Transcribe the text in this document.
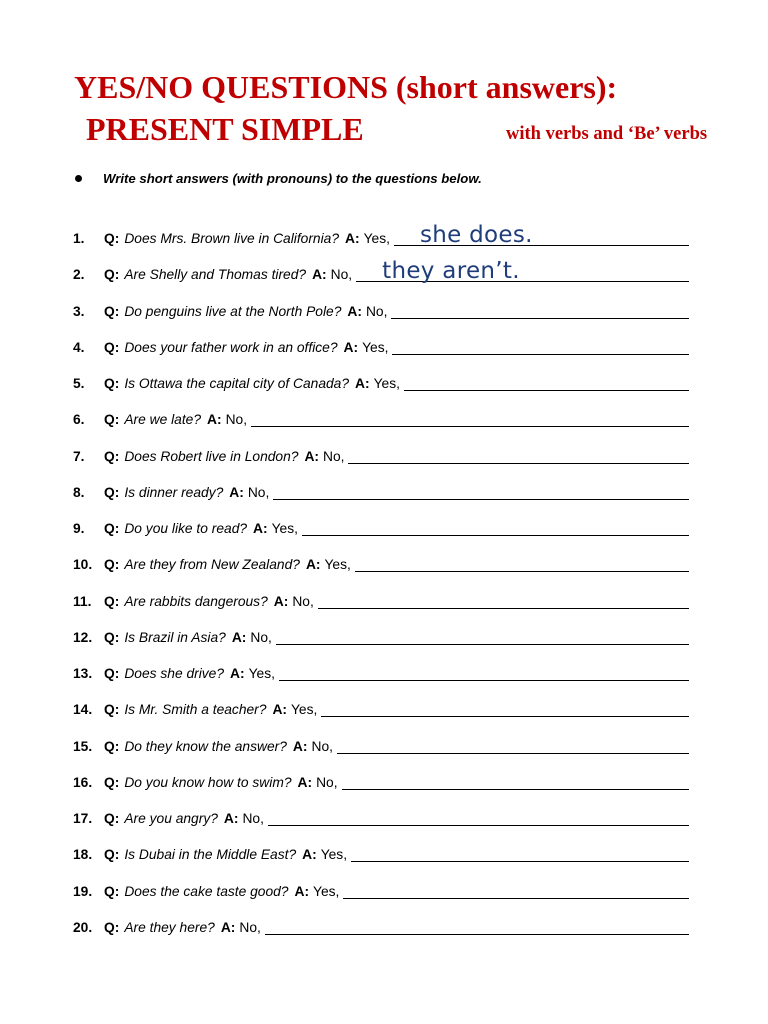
YES/NO QUESTIONS (short answers):
PRESENT SIMPLE	with verbs and ‘Be’ verbs
Write short answers (with pronouns) to the questions below.
1.	Q: Does Mrs. Brown live in California? A: Yes, she does.
2.	Q: Are Shelly and Thomas tired? A: No, they aren’t.
3.	Q: Do penguins live at the North Pole? A: No,
4.	Q: Does your father work in an office? A: Yes,
5.	Q: Is Ottawa the capital city of Canada? A: Yes,
6.	Q: Are we late? A: No,
7.	Q: Does Robert live in London? A: No,
8.	Q: Is dinner ready? A: No,
9.	Q: Do you like to read? A: Yes,
10. Q: Are they from New Zealand? A: Yes,
11. Q: Are rabbits dangerous? A: No,
12. Q: Is Brazil in Asia? A: No,
13. Q: Does she drive? A: Yes,
14. Q: Is Mr. Smith a teacher? A: Yes,
15. Q: Do they know the answer? A: No,
16. Q: Do you know how to swim? A: No,
17. Q: Are you angry? A: No,
18. Q: Is Dubai in the Middle East? A: Yes,
19. Q: Does the cake taste good? A: Yes,
20. Q: Are they here? A: No,
